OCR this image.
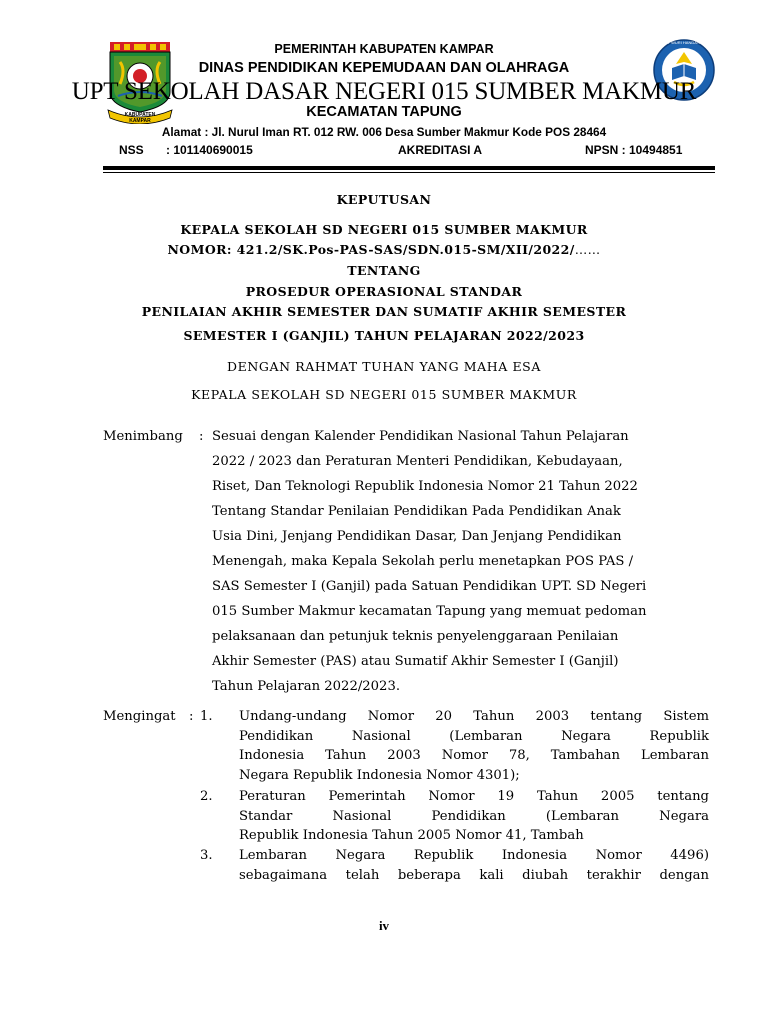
KABUPATEN KAMPAR
TUT WURI HANDAYANI
PEMERINTAH KABUPATEN KAMPAR
DINAS PENDIDIKAN KEPEMUDAAN DAN OLAHRAGA
UPT SEKOLAH DASAR NEGERI 015 SUMBER MAKMUR
KECAMATAN TAPUNG
Alamat : Jl. Nurul Iman RT. 012 RW. 006 Desa Sumber Makmur Kode POS 28464
NSS : 101140690015	AKREDITASI A	NPSN : 10494851
KEPUTUSAN
KEPALA SEKOLAH SD NEGERI 015 SUMBER MAKMUR
NOMOR: 421.2/SK.Pos-PAS-SAS/SDN.015-SM/XII/2022/……
TENTANG
PROSEDUR OPERASIONAL STANDAR
PENILAIAN AKHIR SEMESTER DAN SUMATIF AKHIR SEMESTER
SEMESTER I (GANJIL) TAHUN PELAJARAN 2022/2023
DENGAN RAHMAT TUHAN YANG MAHA ESA
KEPALA SEKOLAH SD NEGERI 015 SUMBER MAKMUR
Menimbang : Sesuai dengan Kalender Pendidikan Nasional Tahun Pelajaran
2022 / 2023 dan Peraturan Menteri Pendidikan, Kebudayaan,
Riset, Dan Teknologi Republik Indonesia Nomor 21 Tahun 2022
Tentang Standar Penilaian Pendidikan Pada Pendidikan Anak
Usia Dini, Jenjang Pendidikan Dasar, Dan Jenjang Pendidikan
Menengah, maka Kepala Sekolah perlu menetapkan POS PAS /
SAS Semester I (Ganjil) pada Satuan Pendidikan UPT. SD Negeri
015 Sumber Makmur kecamatan Tapung yang memuat pedoman
pelaksanaan dan petunjuk teknis penyelenggaraan Penilaian
Akhir Semester (PAS) atau Sumatif Akhir Semester I (Ganjil)
Tahun Pelajaran 2022/2023.
Mengingat : 1. Undang-undang Nomor 20 Tahun 2003 tentang Sistem
Pendidikan Nasional (Lembaran Negara Republik
Indonesia Tahun 2003 Nomor 78, Tambahan Lembaran
Negara Republik Indonesia Nomor 4301);
2. Peraturan Pemerintah Nomor 19 Tahun 2005 tentang
Standar Nasional Pendidikan (Lembaran Negara
Republik Indonesia Tahun 2005 Nomor 41, Tambah
3. Lembaran Negara Republik Indonesia Nomor 4496)
sebagaimana telah beberapa kali diubah terakhir dengan
iv
